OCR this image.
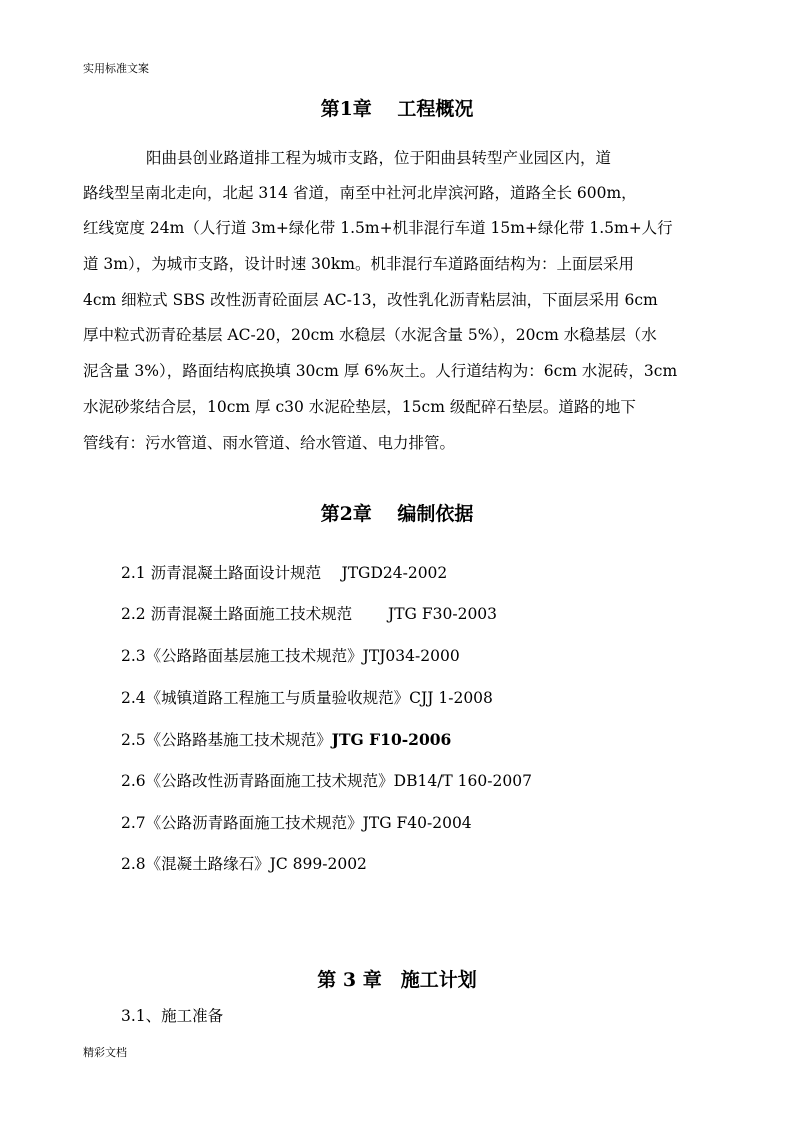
实用标准文案
第1章　 工程概况
阳曲县创业路道排工程为城市支路，位于阳曲县转型产业园区内，道
路线型呈南北走向，北起 314 省道，南至中社河北岸滨河路，道路全长 600m，
红线宽度 24m（人行道 3m+绿化带 1.5m+机非混行车道 15m+绿化带 1.5m+人行
道 3m），为城市支路，设计时速 30km。机非混行车道路面结构为：上面层采用
4cm 细粒式 SBS 改性沥青砼面层 AC-13，改性乳化沥青粘层油，下面层采用 6cm
厚中粒式沥青砼基层 AC-20，20cm 水稳层（水泥含量 5%），20cm 水稳基层（水
泥含量 3%），路面结构底换填 30cm 厚 6%灰土。人行道结构为：6cm 水泥砖，3cm
水泥砂浆结合层，10cm 厚 c30 水泥砼垫层，15cm 级配碎石垫层。道路的地下
管线有：污水管道、雨水管道、给水管道、电力排管。
第2章　 编制依据
2.1 沥青混凝土路面设计规范　 JTGD24-2002
2.2 沥青混凝土路面施工技术规范　　 JTG F30-2003
2.3《公路路面基层施工技术规范》JTJ034-2000
2.4《城镇道路工程施工与质量验收规范》CJJ 1-2008
2.5《公路路基施工技术规范》JTG F10-2006
2.6《公路改性沥青路面施工技术规范》DB14/T 160-2007
2.7《公路沥青路面施工技术规范》JTG F40-2004
2.8《混凝土路缘石》JC 899-2002
第 3 章　施工计划
3.1、施工准备
精彩文档
